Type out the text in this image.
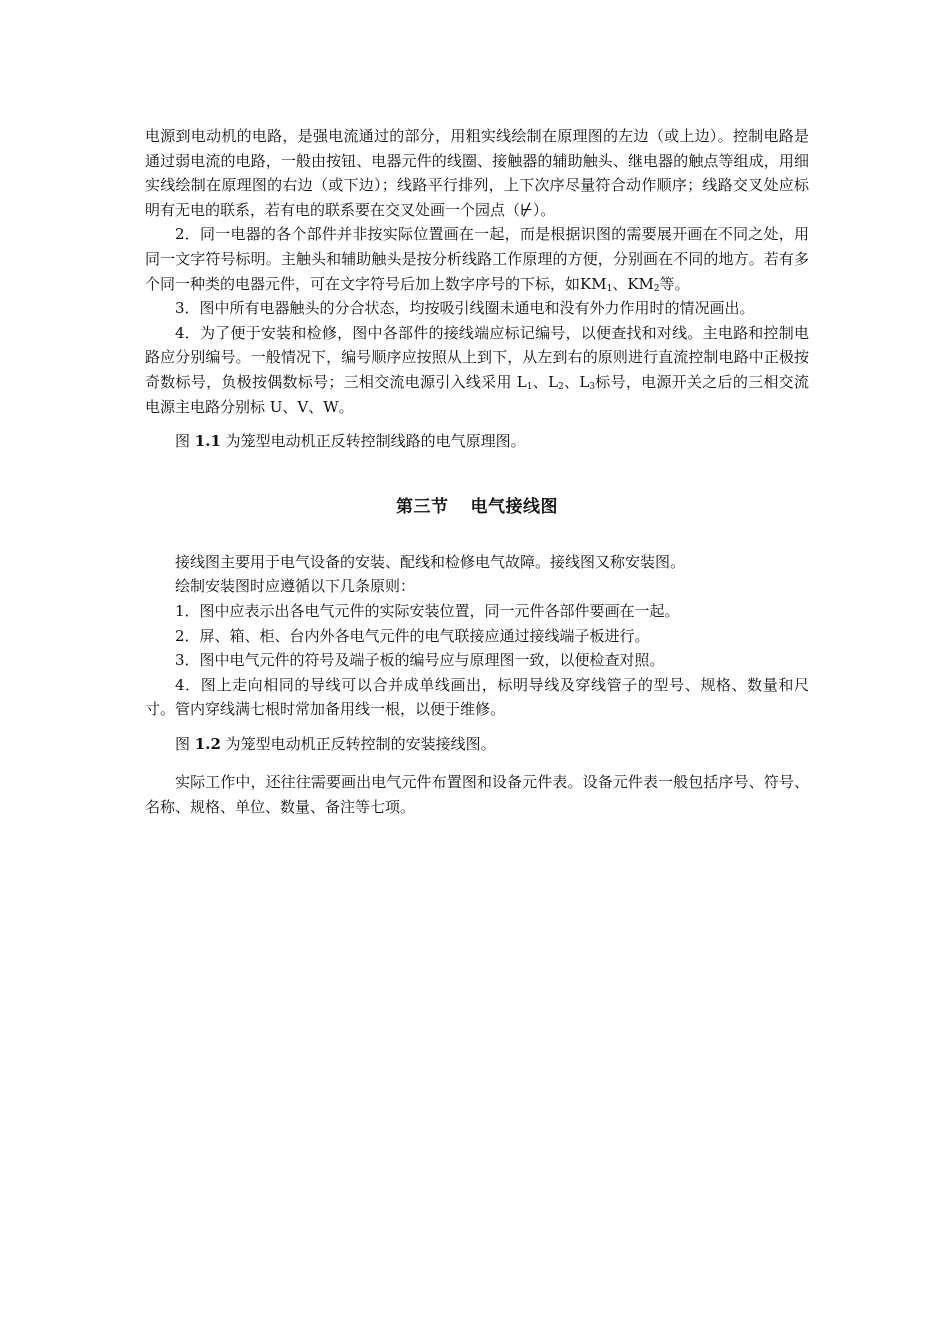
电源到电动机的电路，是强电流通过的部分，用粗实线绘制在原理图的左边（或上边）。控制电路是通过弱电流的电路，一般由按钮、电器元件的线圈、接触器的辅助触头、继电器的触点等组成，用细实线绘制在原理图的右边（或下边）；线路平行排列，上下次序尽量符合动作顺序；线路交叉处应标明有无电的联系，若有电的联系要在交叉处画一个园点（⊬）。

2．同一电器的各个部件并非按实际位置画在一起，而是根据识图的需要展开画在不同之处，用同一文字符号标明。主触头和辅助触头是按分析线路工作原理的方便，分别画在不同的地方。若有多个同一种类的电器元件，可在文字符号后加上数字序号的下标，如$KM_1$、$KM_2$等。

3．图中所有电器触头的分合状态，均按吸引线圈未通电和没有外力作用时的情况画出。

4．为了便于安装和检修，图中各部件的接线端应标记编号，以便查找和对线。主电路和控制电路应分别编号。一般情况下，编号顺序应按照从上到下，从左到右的原则进行直流控制电路中正极按奇数标号，负极按偶数标号；三相交流电源引入线采用 $L_1$、$L_2$、$L_3$标号，电源开关之后的三相交流电源主电路分别标 U、V、W。

图 1.1 为笼型电动机正反转控制线路的电气原理图。

第三节 电气接线图

接线图主要用于电气设备的安装、配线和检修电气故障。接线图又称安装图。

绘制安装图时应遵循以下几条原则：

1．图中应表示出各电气元件的实际安装位置，同一元件各部件要画在一起。

2．屏、箱、柜、台内外各电气元件的电气联接应通过接线端子板进行。

3．图中电气元件的符号及端子板的编号应与原理图一致，以便检查对照。

4．图上走向相同的导线可以合并成单线画出，标明导线及穿线管子的型号、规格、数量和尺寸。管内穿线满七根时常加备用线一根，以便于维修。

图 1.2 为笼型电动机正反转控制的安装接线图。

实际工作中，还往往需要画出电气元件布置图和设备元件表。设备元件表一般包括序号、符号、名称、规格、单位、数量、备注等七项。
